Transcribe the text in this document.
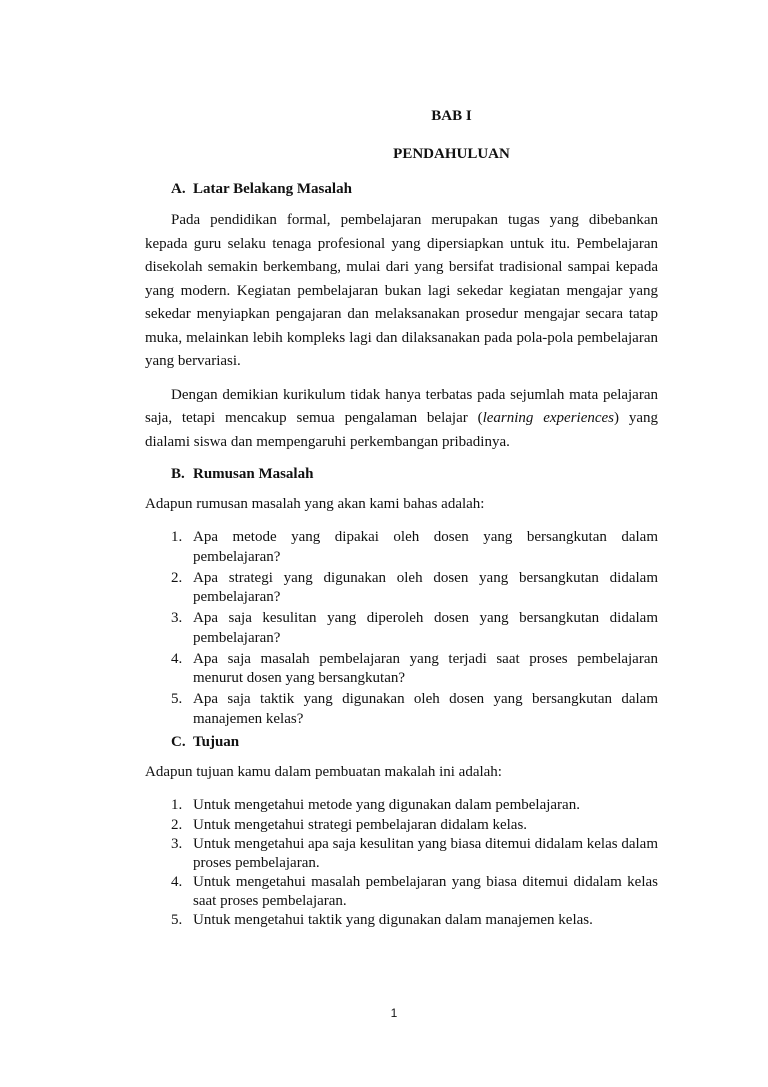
BAB I
PENDAHULUAN
A. Latar Belakang Masalah

Pada pendidikan formal, pembelajaran merupakan tugas yang dibebankan kepada guru selaku tenaga profesional yang dipersiapkan untuk itu. Pembelajaran disekolah semakin berkembang, mulai dari yang bersifat tradisional sampai kepada yang modern. Kegiatan pembelajaran bukan lagi sekedar kegiatan mengajar yang sekedar menyiapkan pengajaran dan melaksanakan prosedur mengajar secara tatap muka, melainkan lebih kompleks lagi dan dilaksanakan pada pola-pola pembelajaran yang bervariasi.

Dengan demikian kurikulum tidak hanya terbatas pada sejumlah mata pelajaran saja, tetapi mencakup semua pengalaman belajar (learning experiences) yang dialami siswa dan mempengaruhi perkembangan pribadinya.

B. Rumusan Masalah

Adapun rumusan masalah yang akan kami bahas adalah:

1. Apa metode yang dipakai oleh dosen yang bersangkutan dalam pembelajaran?
2. Apa strategi yang digunakan oleh dosen yang bersangkutan didalam pembelajaran?
3. Apa saja kesulitan yang diperoleh dosen yang bersangkutan didalam pembelajaran?
4. Apa saja masalah pembelajaran yang terjadi saat proses pembelajaran menurut dosen yang bersangkutan?
5. Apa saja taktik yang digunakan oleh dosen yang bersangkutan dalam manajemen kelas?
C. Tujuan

Adapun tujuan kamu dalam pembuatan makalah ini adalah:

1. Untuk mengetahui metode yang digunakan dalam pembelajaran.
2. Untuk mengetahui strategi pembelajaran didalam kelas.
3. Untuk mengetahui apa saja kesulitan yang biasa ditemui didalam kelas dalam proses pembelajaran.
4. Untuk mengetahui masalah pembelajaran yang biasa ditemui didalam kelas saat proses pembelajaran.
5. Untuk mengetahui taktik yang digunakan dalam manajemen kelas.
1
